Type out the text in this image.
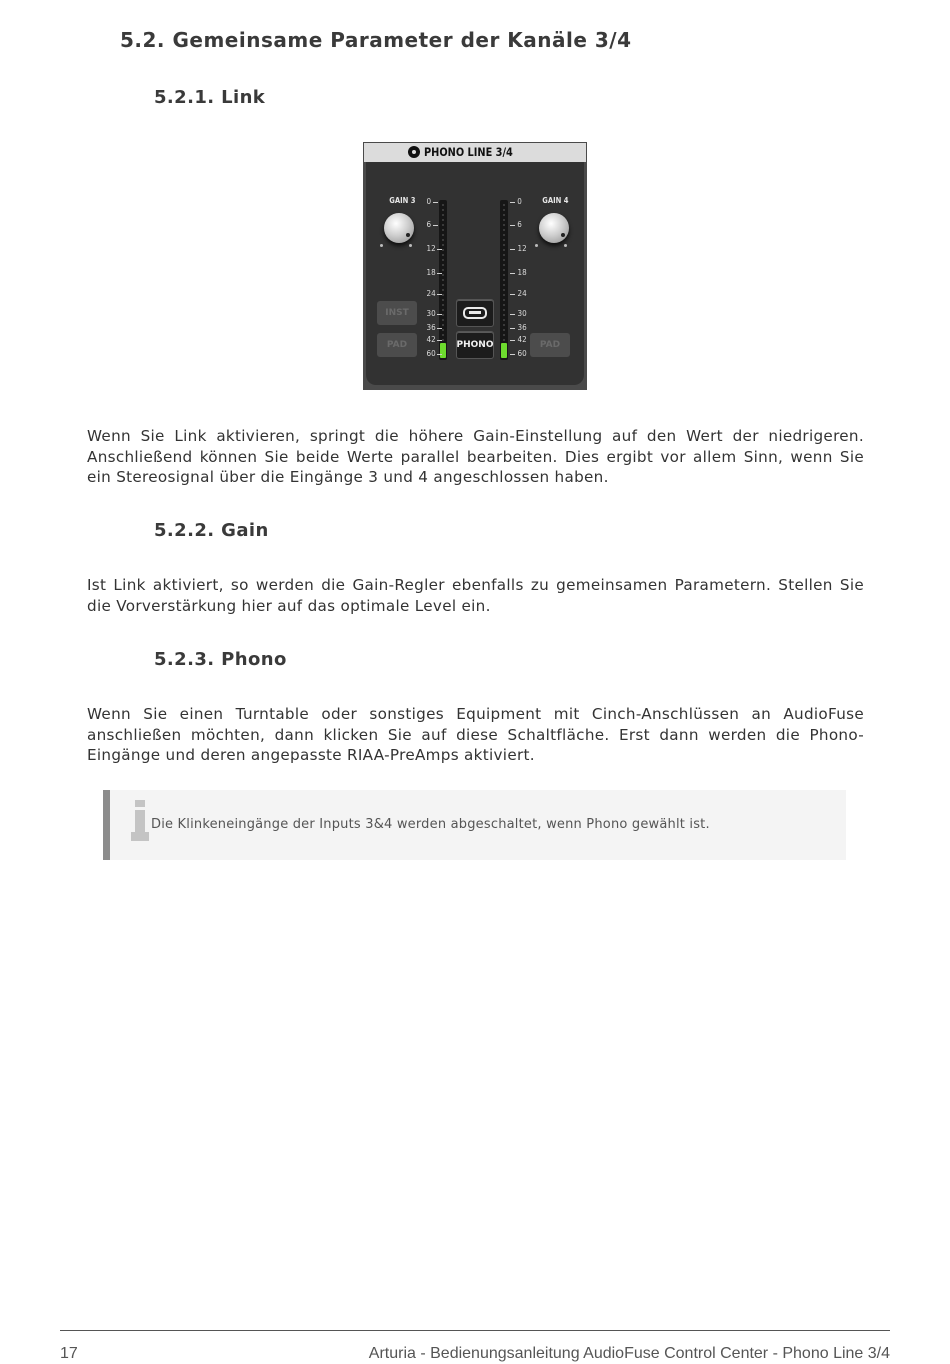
5.2. Gemeinsame Parameter der Kanäle 3/4
5.2.1. Link
PHONO LINE 3/4
GAIN 3	GAIN 4
INST
PAD	PAD
PHONO
0	0
6	6
12	12
18	18
24	24
30	30
36	36
42	42
60	60

Wenn Sie Link aktivieren, springt die höhere Gain-Einstellung auf den Wert der niedrigeren. Anschließend können Sie beide Werte parallel bearbeiten. Dies ergibt vor allem Sinn, wenn Sie ein Stereosignal über die Eingänge 3 und 4 angeschlossen haben.

5.2.2. Gain

Ist Link aktiviert, so werden die Gain-Regler ebenfalls zu gemeinsamen Parametern. Stellen Sie die Vorverstärkung hier auf das optimale Level ein.

5.2.3. Phono

Wenn Sie einen Turntable oder sonstiges Equipment mit Cinch-Anschlüssen an AudioFuse anschließen möchten, dann klicken Sie auf diese Schaltfläche. Erst dann werden die Phono-Eingänge und deren angepasste RIAA-PreAmps aktiviert.

Die Klinkeneingänge der Inputs 3&4 werden abgeschaltet, wenn Phono gewählt ist.
17	Arturia - Bedienungsanleitung AudioFuse Control Center - Phono Line 3/4
